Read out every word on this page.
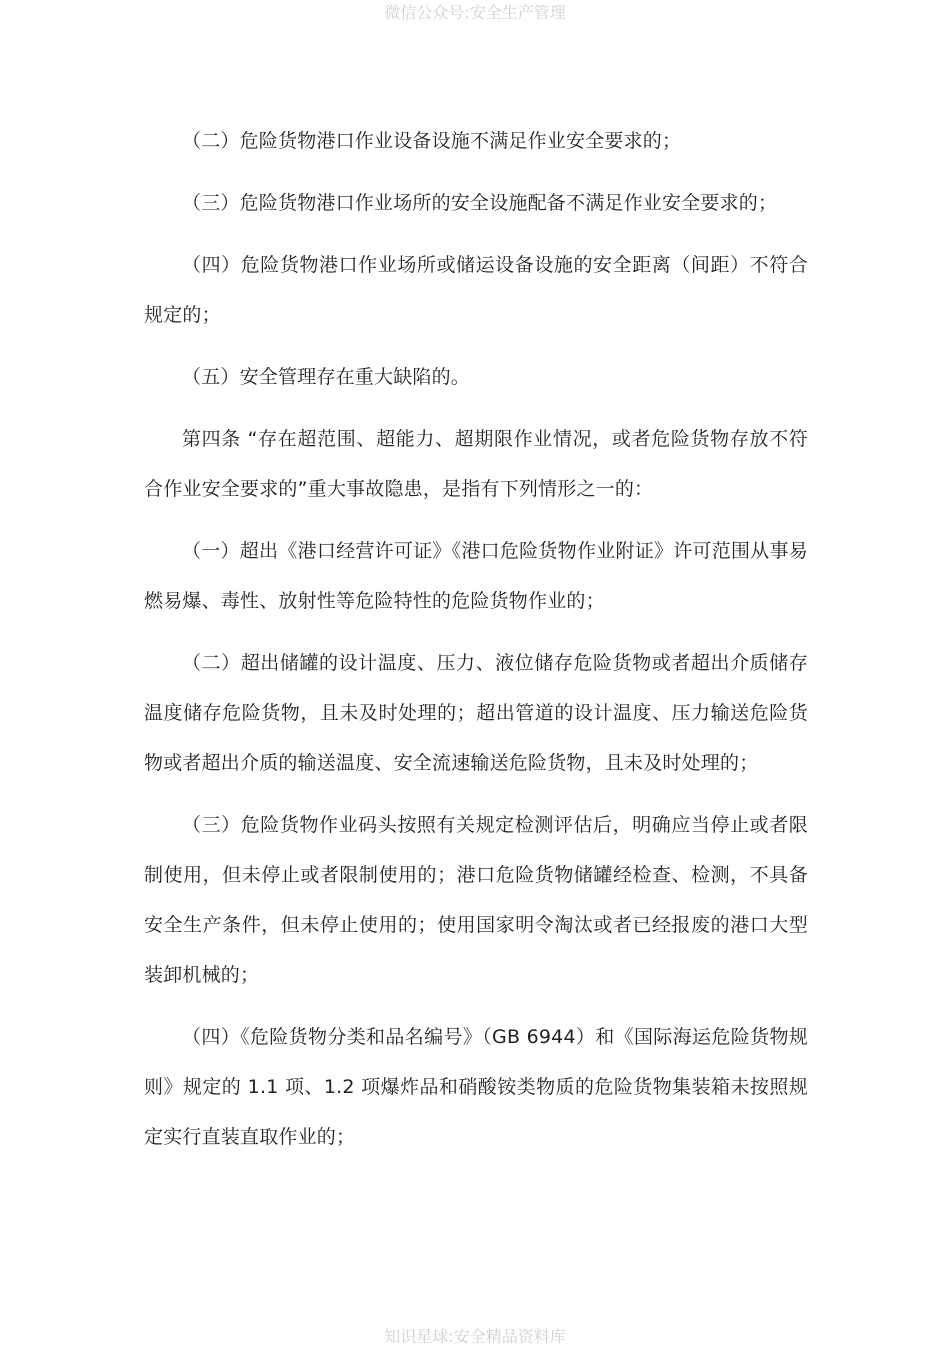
微信公众号:安全生产管理

（二）危险货物港口作业设备设施不满足作业安全要求的；

（三）危险货物港口作业场所的安全设施配备不满足作业安全要求的；

（四）危险货物港口作业场所或储运设备设施的安全距离（间距）不符合规定的；

（五）安全管理存在重大缺陷的。

第四条 “存在超范围、超能力、超期限作业情况，或者危险货物存放不符合作业安全要求的”重大事故隐患，是指有下列情形之一的：

（一）超出《港口经营许可证》《港口危险货物作业附证》许可范围从事易燃易爆、毒性、放射性等危险特性的危险货物作业的；

（二）超出储罐的设计温度、压力、液位储存危险货物或者超出介质储存温度储存危险货物，且未及时处理的；超出管道的设计温度、压力输送危险货物或者超出介质的输送温度、安全流速输送危险货物，且未及时处理的；

（三）危险货物作业码头按照有关规定检测评估后，明确应当停止或者限制使用，但未停止或者限制使用的；港口危险货物储罐经检查、检测，不具备安全生产条件，但未停止使用的；使用国家明令淘汰或者已经报废的港口大型装卸机械的；

（四）《危险货物分类和品名编号》（GB 6944）和《国际海运危险货物规则》规定的 1.1 项、1.2 项爆炸品和硝酸铵类物质的危险货物集装箱未按照规定实行直装直取作业的；

知识星球:安全精品资料库
